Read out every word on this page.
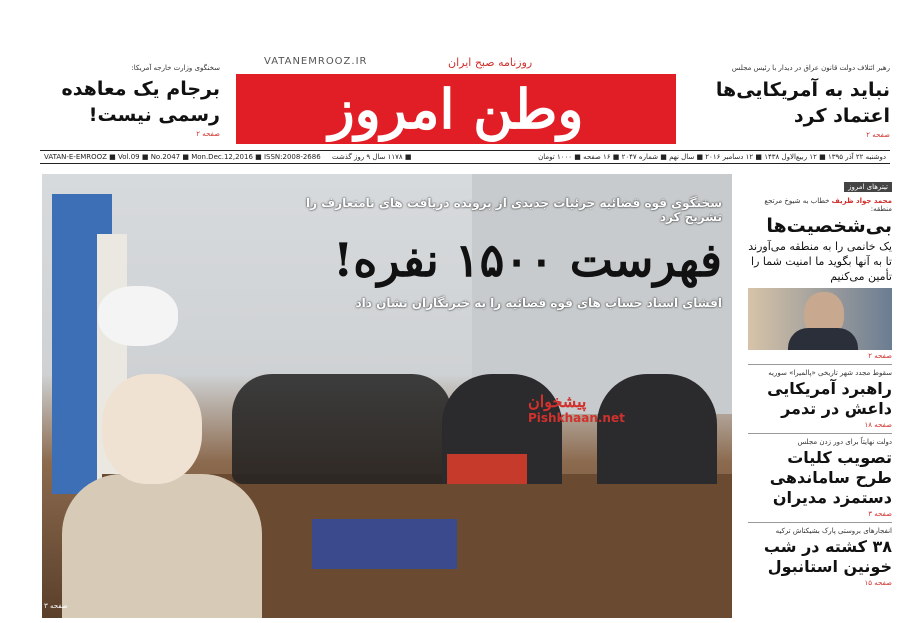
سخنگوی وزارت خارجه آمریکا:
برجام یک معاهده رسمی نیست!
صفحه ۲
روزنامه صبح ایران
VATANEMROOZ.IR
وطن امروز
رهبر ائتلاف دولت قانون عراق در دیدار با رئیس مجلس
نباید به آمریکایی‌ها اعتماد کرد
صفحه ۲
VATAN-E-EMROOZ ■ Vol.09 ■ No.2047 ■ Mon.Dec.12,2016 ■ ISSN:2008-2686 ■ ۱۱۷۸ سال ۹ روز گذشت	دوشنبه ۲۲ آذر ۱۳۹۵ ■ ۱۲ ربیع‌الاول ۱۴۳۸ ■ ۱۲ دسامبر ۲۰۱۶ ■ سال نهم ■ شماره ۲۰۴۷ ■ ۱۶ صفحه ■ ۱۰۰۰ تومان
سخنگوی قوه قضائیه جزئیات جدیدی از پرونده دریافت های نامتعارف را تشریح کرد
فهرست ۱۵۰۰ نفره!
افشای اسناد حساب های قوه قضائیه را به خبرنگاران نشان داد
پیشخوان
Pishkhaan.net
صفحه ۳
تیترهای امروز
محمد جواد ظریف خطاب به شیوخ مرتجع منطقه:
بی‌شخصیت‌ها
یک خانمی را به منطقه می‌آورند تا به آنها بگوید ما امنیت شما را تأمین می‌کنیم
صفحه ۲
سقوط مجدد شهر تاریخی «پالمیرا» سوریه
راهبرد آمریکایی داعش در تدمر
صفحه ۱۸
دولت نهایتاً برای دور زدن مجلس
تصویب کلیات طرح ساماندهی دستمزد مدیران
صفحه ۳
انفجارهای بروستی پارک بشیکتاش ترکیه
۳۸ کشته در شب خونین استانبول
صفحه ۱۵
